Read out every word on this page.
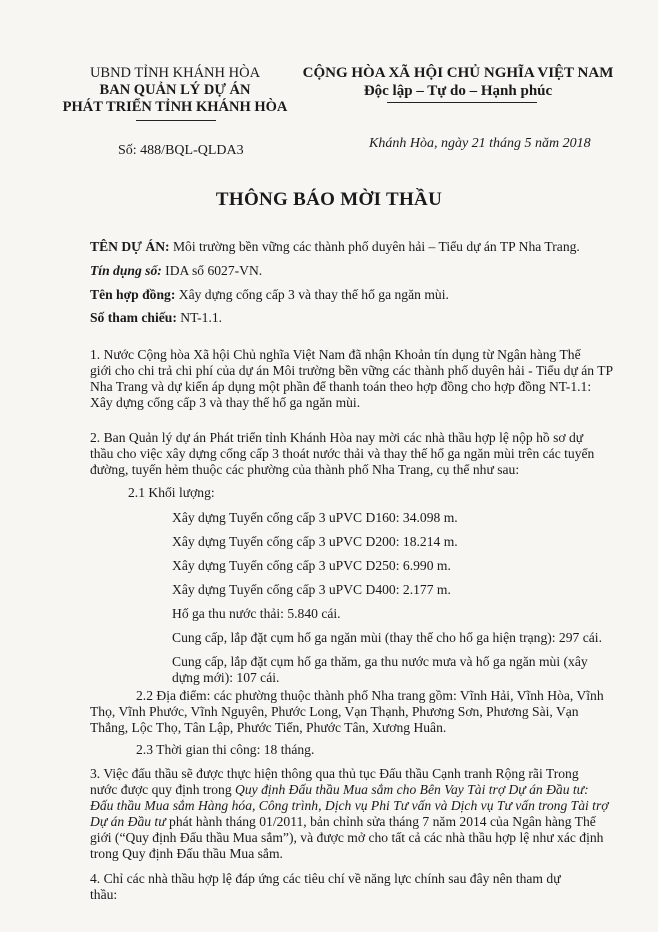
UBND TỈNH KHÁNH HÒA
BAN QUẢN LÝ DỰ ÁN
PHÁT TRIỂN TỈNH KHÁNH HÒA
CỘNG HÒA XÃ HỘI CHỦ NGHĨA VIỆT NAM
Độc lập – Tự do – Hạnh phúc
Số: 488/BQL-QLDA3	Khánh Hòa, ngày 21 tháng 5 năm 2018
THÔNG BÁO MỜI THẦU
TÊN DỰ ÁN: Môi trường bền vững các thành phố duyên hải – Tiểu dự án TP Nha Trang.
Tín dụng số: IDA số 6027-VN.
Tên hợp đồng: Xây dựng cống cấp 3 và thay thế hố ga ngăn mùi.
Số tham chiếu: NT-1.1.
1. Nước Cộng hòa Xã hội Chủ nghĩa Việt Nam đã nhận Khoản tín dụng từ Ngân hàng Thế
giới cho chi trả chi phí của dự án Môi trường bền vững các thành phố duyên hải - Tiểu dự án TP
Nha Trang và dự kiến áp dụng một phần để thanh toán theo hợp đồng cho hợp đồng NT-1.1:
Xây dựng cống cấp 3 và thay thế hố ga ngăn mùi.
2. Ban Quản lý dự án Phát triển tỉnh Khánh Hòa nay mời các nhà thầu hợp lệ nộp hồ sơ dự
thầu cho việc xây dựng cống cấp 3 thoát nước thải và thay thế hố ga ngăn mùi trên các tuyến
đường, tuyến hẻm thuộc các phường của thành phố Nha Trang, cụ thể như sau:
2.1 Khối lượng:
Xây dựng Tuyến cống cấp 3 uPVC D160: 34.098 m.
Xây dựng Tuyến cống cấp 3 uPVC D200: 18.214 m.
Xây dựng Tuyến cống cấp 3 uPVC D250: 6.990 m.
Xây dựng Tuyến cống cấp 3 uPVC D400: 2.177 m.
Hố ga thu nước thải: 5.840 cái.
Cung cấp, lắp đặt cụm hố ga ngăn mùi (thay thế cho hố ga hiện trạng): 297 cái.
Cung cấp, lắp đặt cụm hố ga thăm, ga thu nước mưa và hố ga ngăn mùi (xây
dựng mới): 107 cái.
2.2 Địa điểm: các phường thuộc thành phố Nha trang gồm: Vĩnh Hải, Vĩnh Hòa, Vĩnh
Thọ, Vĩnh Phước, Vĩnh Nguyên, Phước Long, Vạn Thạnh, Phương Sơn, Phương Sài, Vạn
Thắng, Lộc Thọ, Tân Lập, Phước Tiến, Phước Tân, Xương Huân.
2.3 Thời gian thi công: 18 tháng.
3. Việc đấu thầu sẽ được thực hiện thông qua thủ tục Đấu thầu Cạnh tranh Rộng rãi Trong
nước được quy định trong Quy định Đấu thầu Mua sắm cho Bên Vay Tài trợ Dự án Đầu tư:
Đấu thầu Mua sắm Hàng hóa, Công trình, Dịch vụ Phi Tư vấn và Dịch vụ Tư vấn trong Tài trợ
Dự án Đầu tư phát hành tháng 01/2011, bản chỉnh sửa tháng 7 năm 2014 của Ngân hàng Thế
giới (“Quy định Đấu thầu Mua sắm”), và được mở cho tất cả các nhà thầu hợp lệ như xác định
trong Quy định Đấu thầu Mua sắm.
4. Chỉ các nhà thầu hợp lệ đáp ứng các tiêu chí về năng lực chính sau đây nên tham dự
thầu:
